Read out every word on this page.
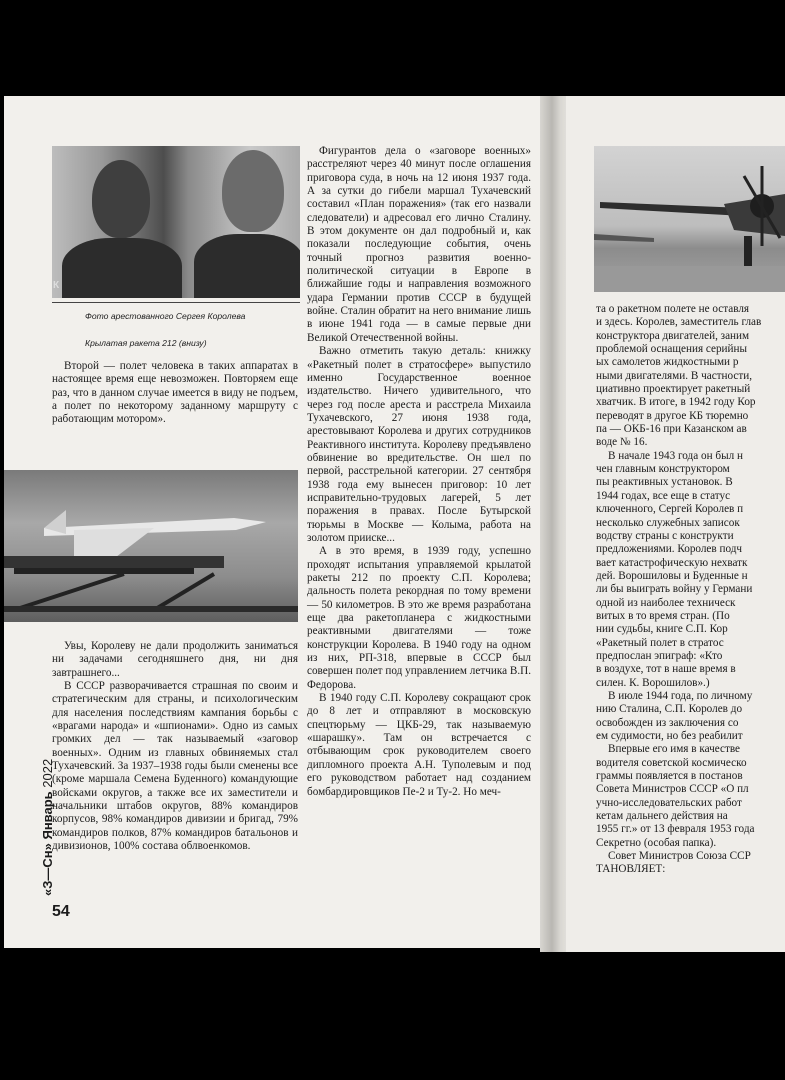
К
Фото арестованного Сергея Королева
Крылатая ракета 212 (внизу)

Второй — полет человека в таких аппаратах в настоящее время еще невозможен. Повторяем еще раз, что в данном случае имеется в виду не подъем, а полет по некоторому заданному маршруту с работающим мотором».

Увы, Королеву не дали продолжить заниматься ни задачами сегодняшнего дня, ни дня завтрашнего...

В СССР разворачивается страшная по своим и стратегическим для страны, и психологическим для населения последствиям кампания борьбы с «врагами народа» и «шпионами». Одно из самых громких дел — так называемый «заговор военных». Одним из главных обвиняемых стал Тухачевский. За 1937–1938 годы были сменены все (кроме маршала Семена Буденного) командующие войсками округов, а также все их заместители и начальники штабов округов, 88% командиров корпусов, 98% командиров дивизии и бригад, 79% командиров полков, 87% командиров батальонов и дивизионов, 100% состава облвоенкомов.

Фигурантов дела о «заговоре военных» расстреляют через 40 минут после оглашения приговора суда, в ночь на 12 июня 1937 года. А за сутки до гибели маршал Тухачевский составил «План поражения» (так его назвали следователи) и адресовал его лично Сталину. В этом документе он дал подробный и, как показали последующие события, очень точный прогноз развития военно-политической ситуации в Европе в ближайшие годы и направления возможного удара Германии против СССР в будущей войне. Сталин обратит на него внимание лишь в июне 1941 года — в самые первые дни Великой Отечественной войны.

Важно отметить такую деталь: книжку «Ракетный полет в стратосфере» выпустило именно Государственное военное издательство. Ничего удивительного, что через год после ареста и расстрела Михаила Тухачевского, 27 июня 1938 года, арестовывают Королева и других сотрудников Реактивного института. Королеву предъявлено обвинение во вредительстве. Он шел по первой, расстрельной категории. 27 сентября 1938 года ему вынесен приговор: 10 лет исправительно-трудовых лагерей, 5 лет поражения в правах. После Бутырской тюрьмы в Москве — Колыма, работа на золотом прииске...

А в это время, в 1939 году, успешно проходят испытания управляемой крылатой ракеты 212 по проекту С.П. Королева; дальность полета рекордная по тому времени — 50 километров. В это же время разработана еще два ракетопланера с жидкостными реактивными двигателями — тоже конструкции Королева. В 1940 году на одном из них, РП-318, впервые в СССР был совершен полет под управлением летчика В.П. Федорова.

В 1940 году С.П. Королеву сокращают срок до 8 лет и отправляют в московскую спецтюрьму — ЦКБ-29, так называемую «шарашку». Там он встречается с отбывающим срок руководителем своего дипломного проекта А.Н. Туполевым и под его руководством работает над созданием бомбардировщиков Пе-2 и Ту-2. Но меч-

та о ракетном полете не оставля

и здесь. Королев, заместитель глав

конструктора двигателей, заним

проблемой оснащения серийны

ых самолетов жидкостными р

ными двигателями. В частности,

циативно проектирует ракетный

хватчик. В итоге, в 1942 году Кор

переводят в другое КБ тюремно

па — ОКБ-16 при Казанском ав

воде № 16.

В начале 1943 года он был н

чен главным конструктором

пы реактивных установок. В

1944 годах, все еще в статус

ключенного, Сергей Королев п

несколько служебных записок

водству страны с конструкти

предложениями. Королев подч

вает катастрофическую нехватк

дей. Ворошиловы и Буденные н

ли бы выиграть войну у Германи

одной из наиболее техническ

витых в то время стран. (По

нии судьбы, книге С.П. Кор

«Ракетный полет в стратос

предпослан эпиграф: «Кто

в воздухе, тот в наше время в

силен. К. Ворошилов».)

В июле 1944 года, по личному

нию Сталина, С.П. Королев до

освобожден из заключения со

ем судимости, но без реабилит

Впервые его имя в качестве

водителя советской космическо

граммы появляется в постанов

Совета Министров СССР «О пл

учно-исследовательских работ

кетам дальнего действия на

1955 гг.» от 13 февраля 1953 года

Секретно (особая папка).

Совет Министров Союза ССР

ТАНОВЛЯЕТ:

«З—Сн» Январь 2022
54
